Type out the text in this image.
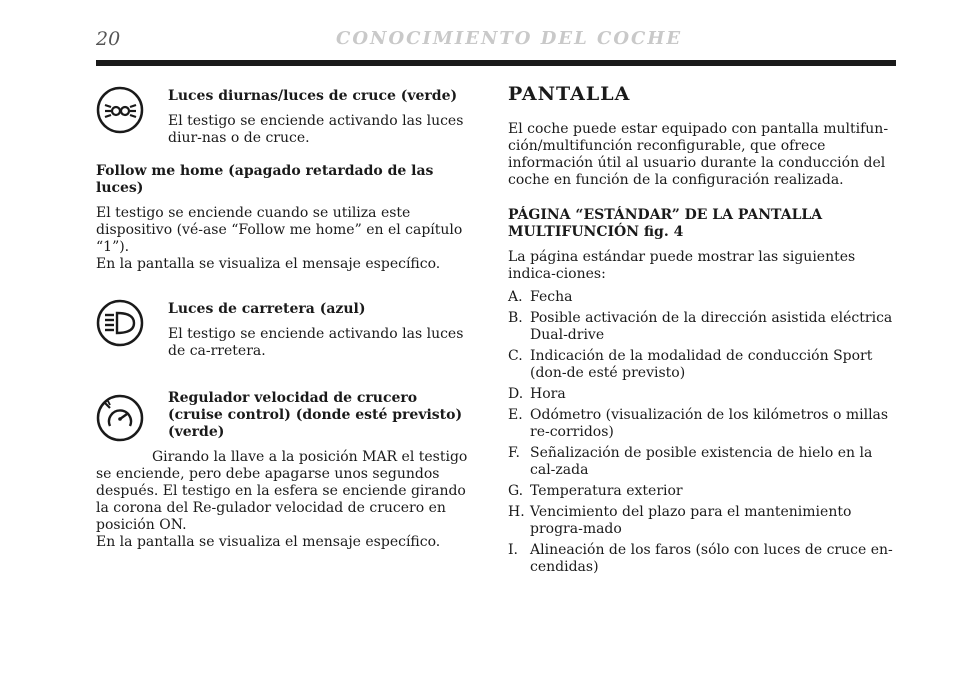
20	CONOCIMIENTO DEL COCHE

Luces diurnas/luces de cruce (verde)

El testigo se enciende activando las luces diur-nas o de cruce.

Follow me home (apagado retardado de las luces)

El testigo se enciende cuando se utiliza este dispositivo (vé-ase “Follow me home” en el capítulo “1”).

En la pantalla se visualiza el mensaje específico.

Luces de carretera (azul)

El testigo se enciende activando las luces de ca-rretera.

Regulador velocidad de crucero

(cruise control) (donde esté previsto)

(verde)

Girando la llave a la posición MAR el testigo se enciende, pero debe apagarse unos segundos después. El testigo en la esfera se enciende girando la corona del Re-gulador velocidad de crucero en posición ON.

En la pantalla se visualiza el mensaje específico.

PANTALLA

El coche puede estar equipado con pantalla multifun-ción/multifunción reconfigurable, que ofrece información útil al usuario durante la conducción del coche en función de la configuración realizada.

PÁGINA “ESTÁNDAR” DE LA PANTALLA

MULTIFUNCIÓN fig. 4

La página estándar puede mostrar las siguientes indica-ciones:

A. Fecha
B. Posible activación de la dirección asistida eléctrica Dual-drive
C. Indicación de la modalidad de conducción Sport (don-de esté previsto)
D. Hora
E. Odómetro (visualización de los kilómetros o millas re-corridos)
F. Señalización de posible existencia de hielo en la cal-zada
G. Temperatura exterior
H. Vencimiento del plazo para el mantenimiento progra-mado
I. Alineación de los faros (sólo con luces de cruce en-cendidas)
